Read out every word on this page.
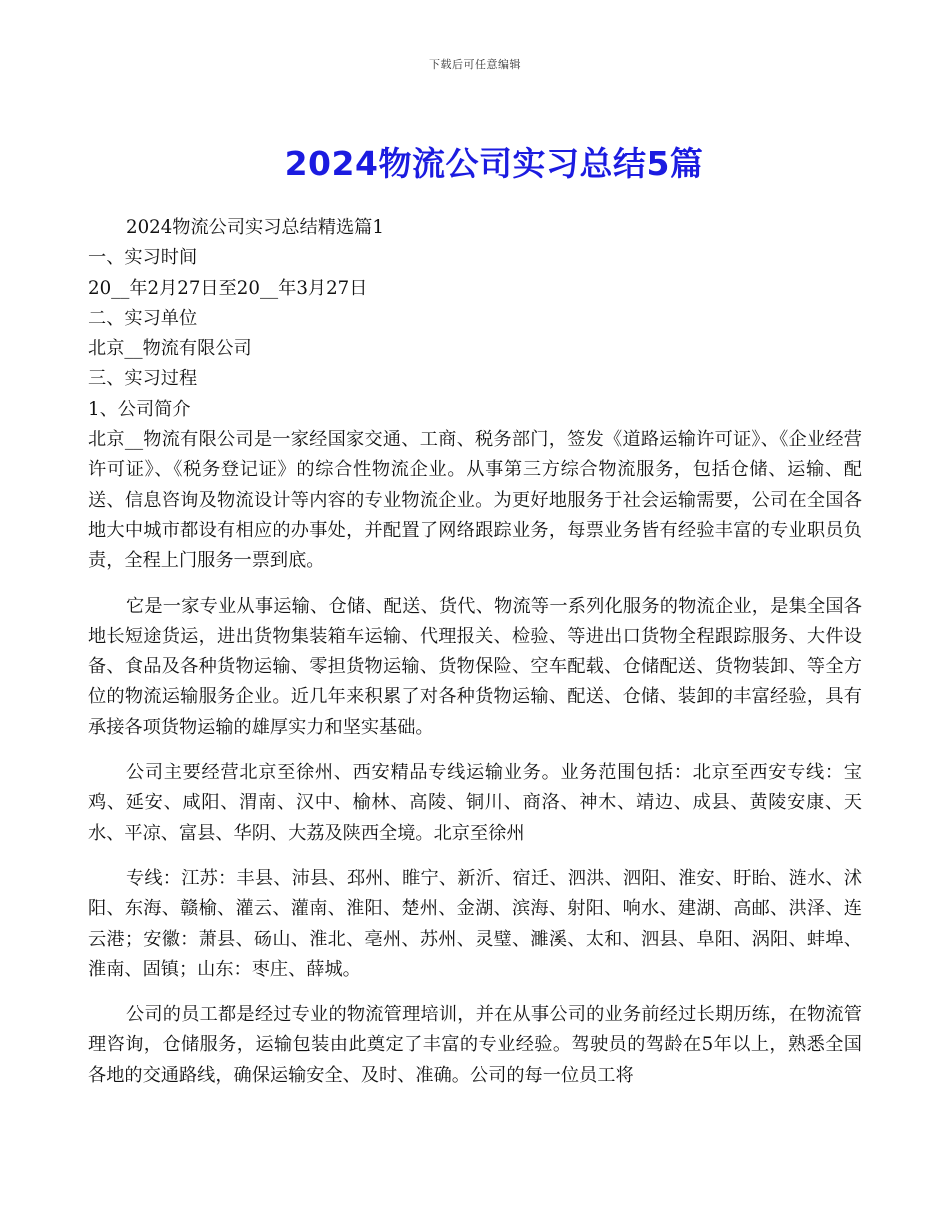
下载后可任意编辑
2024物流公司实习总结5篇

2024物流公司实习总结精选篇1

一、实习时间

20__年2月27日至20__年3月27日

二、实习单位

北京__物流有限公司

三、实习过程

1、公司简介

北京__物流有限公司是一家经国家交通、工商、税务部门，签发《道路运输许可证》、《企业经营许可证》、《税务登记证》的综合性物流企业。从事第三方综合物流服务，包括仓储、运输、配送、信息咨询及物流设计等内容的专业物流企业。为更好地服务于社会运输需要，公司在全国各地大中城市都设有相应的办事处，并配置了网络跟踪业务，每票业务皆有经验丰富的专业职员负责，全程上门服务一票到底。

它是一家专业从事运输、仓储、配送、货代、物流等一系列化服务的物流企业，是集全国各地长短途货运，进出货物集装箱车运输、代理报关、检验、等进出口货物全程跟踪服务、大件设备、食品及各种货物运输、零担货物运输、货物保险、空车配载、仓储配送、货物装卸、等全方位的物流运输服务企业。近几年来积累了对各种货物运输、配送、仓储、装卸的丰富经验，具有承接各项货物运输的雄厚实力和坚实基础。

公司主要经营北京至徐州、西安精品专线运输业务。业务范围包括：北京至西安专线：宝鸡、延安、咸阳、渭南、汉中、榆林、高陵、铜川、商洛、神木、靖边、成县、黄陵安康、天水、平凉、富县、华阴、大荔及陕西全境。北京至徐州

专线：江苏：丰县、沛县、邳州、睢宁、新沂、宿迁、泗洪、泗阳、淮安、盱眙、涟水、沭阳、东海、赣榆、灌云、灌南、淮阳、楚州、金湖、滨海、射阳、响水、建湖、高邮、洪泽、连云港；安徽：萧县、砀山、淮北、亳州、苏州、灵璧、濉溪、太和、泗县、阜阳、涡阳、蚌埠、淮南、固镇；山东：枣庄、薛城。

公司的员工都是经过专业的物流管理培训，并在从事公司的业务前经过长期历练，在物流管理咨询，仓储服务，运输包装由此奠定了丰富的专业经验。驾驶员的驾龄在5年以上，熟悉全国各地的交通路线，确保运输安全、及时、准确。公司的每一位员工将
